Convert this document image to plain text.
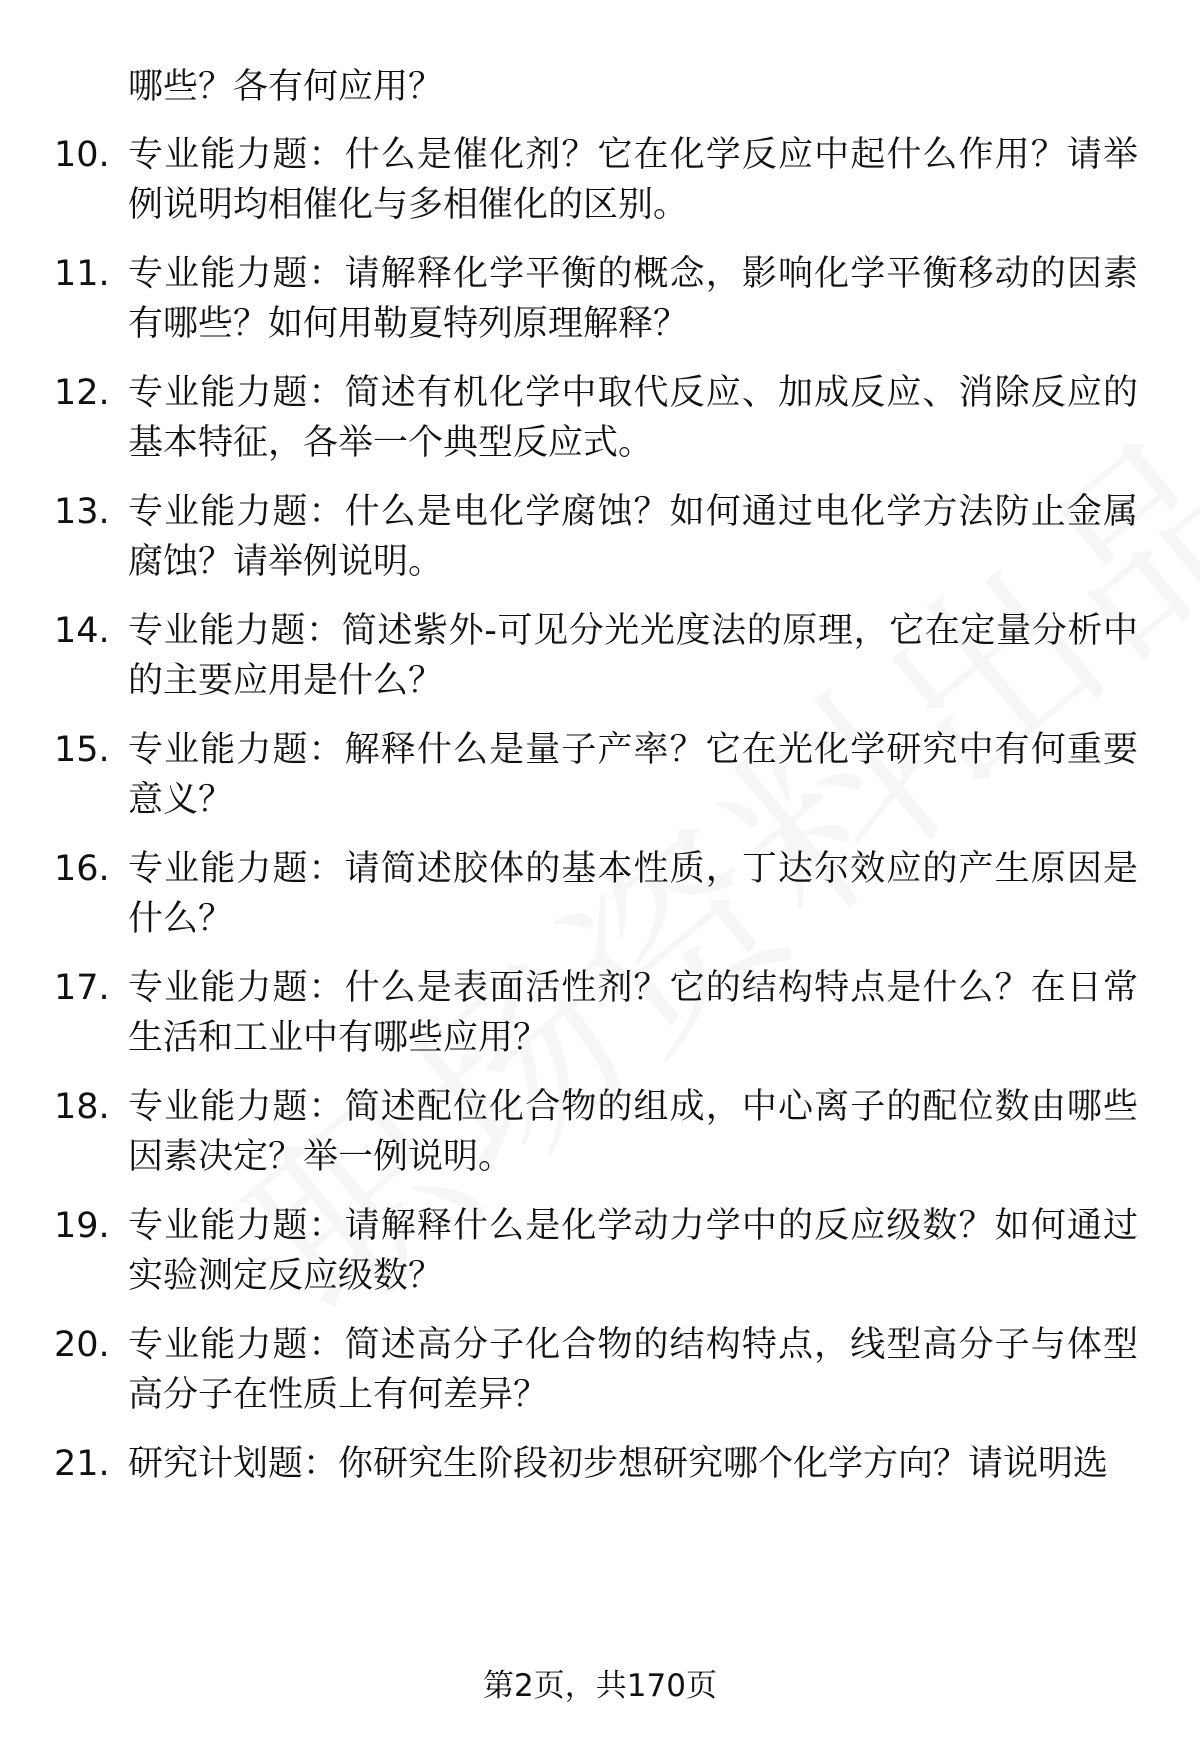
哪些？各有何应用？
10. 专业能力题：什么是催化剂？它在化学反应中起什么作用？请举例说明均相催化与多相催化的区别。
11. 专业能力题：请解释化学平衡的概念，影响化学平衡移动的因素有哪些？如何用勒夏特列原理解释？
12. 专业能力题：简述有机化学中取代反应、加成反应、消除反应的基本特征，各举一个典型反应式。
13. 专业能力题：什么是电化学腐蚀？如何通过电化学方法防止金属腐蚀？请举例说明。
14. 专业能力题：简述紫外-可见分光光度法的原理，它在定量分析中的主要应用是什么？
15. 专业能力题：解释什么是量子产率？它在光化学研究中有何重要意义？
16. 专业能力题：请简述胶体的基本性质，丁达尔效应的产生原因是什么？
17. 专业能力题：什么是表面活性剂？它的结构特点是什么？在日常生活和工业中有哪些应用？
18. 专业能力题：简述配位化合物的组成，中心离子的配位数由哪些因素决定？举一例说明。
19. 专业能力题：请解释什么是化学动力学中的反应级数？如何通过实验测定反应级数？
20. 专业能力题：简述高分子化合物的结构特点，线型高分子与体型高分子在性质上有何差异？
21. 研究计划题：你研究生阶段初步想研究哪个化学方向？请说明选
第2页，共170页
